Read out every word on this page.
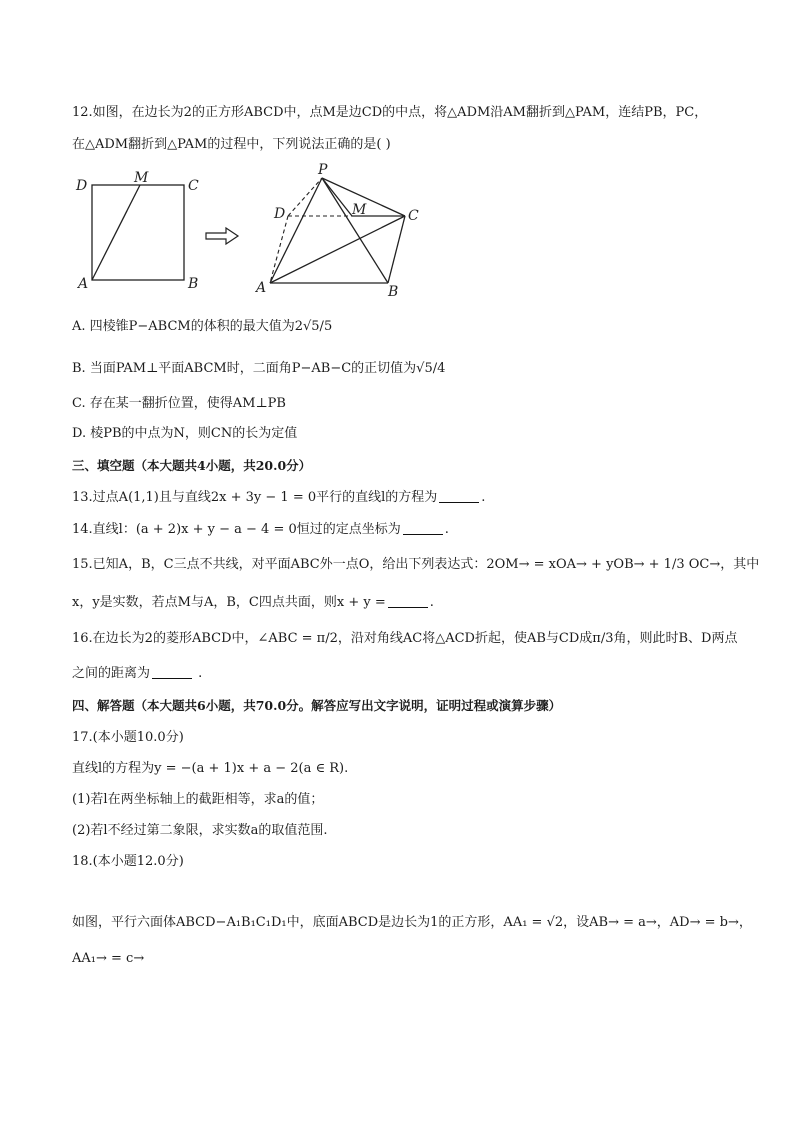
12.如图，在边长为2的正方形ABCD中，点M是边CD的中点，将△ADM沿AM翻折到△PAM，连结PB，PC，
在△ADM翻折到△PAM的过程中，下列说法正确的是( )
D	M	C
A	B
P
D	M	C
A	B
A. 四棱锥P−ABCM的体积的最大值为2√5/5
B. 当面PAM⊥平面ABCM时，二面角P−AB−C的正切值为√5/4
C. 存在某一翻折位置，使得AM⊥PB
D. 棱PB的中点为N，则CN的长为定值
三、填空题（本大题共4小题，共20.0分）
13.过点A(1,1)且与直线2x + 3y − 1 = 0平行的直线l的方程为	.
14.直线l：(a + 2)x + y − a − 4 = 0恒过的定点坐标为	.
15.已知A，B，C三点不共线，对平面ABC外一点O，给出下列表达式：2OM→ = xOA→ + yOB→ + 1/3 OC→，其中
x，y是实数，若点M与A，B，C四点共面，则x + y =	.
16.在边长为2的菱形ABCD中，∠ABC = π/2，沿对角线AC将△ACD折起，使AB与CD成π/3角，则此时B、D两点
之间的距离为	.
四、解答题（本大题共6小题，共70.0分。解答应写出文字说明，证明过程或演算步骤）
17.(本小题10.0分)
直线l的方程为y = −(a + 1)x + a − 2(a ∈ R).
(1)若l在两坐标轴上的截距相等，求a的值；
(2)若l不经过第二象限，求实数a的取值范围.
18.(本小题12.0分)
如图，平行六面体ABCD−A₁B₁C₁D₁中，底面ABCD是边长为1的正方形，AA₁ = √2，设AB→ = a→，AD→ = b→，
AA₁→ = c→
